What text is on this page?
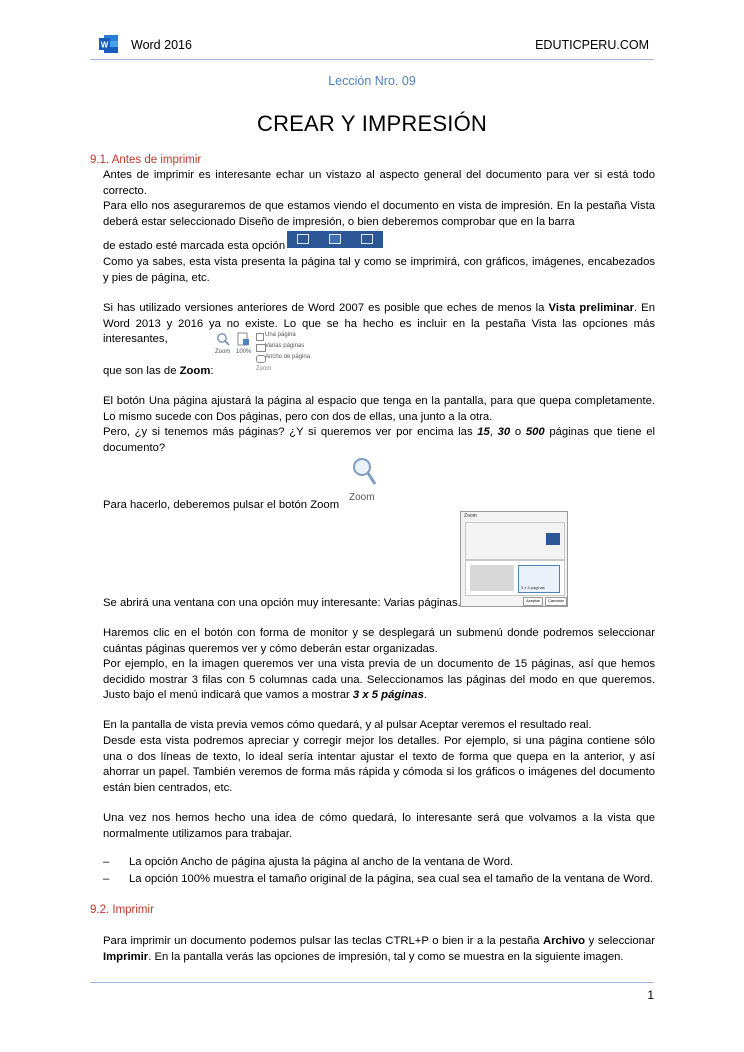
W Word 2016	EDUTICPERU.COM
Lección Nro. 09
CREAR Y IMPRESIÓN
9.1. Antes de imprimir
Antes de imprimir es interesante echar un vistazo al aspecto general del documento para ver si está todo correcto.
Para ello nos aseguraremos de que estamos viendo el documento en vista de impresión. En la pestaña Vista deberá estar seleccionado Diseño de impresión, o bien deberemos comprobar que en la barra
de estado esté marcada esta opción
Como ya sabes, esta vista presenta la página tal y como se imprimirá, con gráficos, imágenes, encabezados y pies de página, etc.
Si has utilizado versiones anteriores de Word 2007 es posible que eches de menos la Vista preliminar. En Word 2013 y 2016 ya no existe. Lo que se ha hecho es incluir en la pestaña Vista las opciones más interesantes,
Zoom 100%
Una página
Varias páginas
Ancho de página
Zoom
que son las de Zoom:
El botón Una página ajustará la página al espacio que tenga en la pantalla, para que quepa completamente. Lo mismo sucede con Dos páginas, pero con dos de ellas, una junto a la otra.
Pero, ¿y si tenemos más páginas? ¿Y si queremos ver por encima las 15, 30 o 500 páginas que tiene el documento?
Zoom
Para hacerlo, deberemos pulsar el botón Zoom
Zoom
3 x 5 páginas
Aceptar	Cancelar
Se abrirá una ventana con una opción muy interesante: Varias páginas.
Haremos clic en el botón con forma de monitor y se desplegará un submenú donde podremos seleccionar cuántas páginas queremos ver y cómo deberán estar organizadas.
Por ejemplo, en la imagen queremos ver una vista previa de un documento de 15 páginas, así que hemos decidido mostrar 3 filas con 5 columnas cada una. Seleccionamos las páginas del modo en que queremos. Justo bajo el menú indicará que vamos a mostrar 3 x 5 páginas.
En la pantalla de vista previa vemos cómo quedará, y al pulsar Aceptar veremos el resultado real.
Desde esta vista podremos apreciar y corregir mejor los detalles. Por ejemplo, si una página contiene sólo una o dos líneas de texto, lo ideal sería intentar ajustar el texto de forma que quepa en la anterior, y así ahorrar un papel. También veremos de forma más rápida y cómoda si los gráficos o imágenes del documento están bien centrados, etc.
Una vez nos hemos hecho una idea de cómo quedará, lo interesante será que volvamos a la vista que normalmente utilizamos para trabajar.
– La opción Ancho de página ajusta la página al ancho de la ventana de Word.
– La opción 100% muestra el tamaño original de la página, sea cual sea el tamaño de la ventana de Word.
9.2. Imprimir
Para imprimir un documento podemos pulsar las teclas CTRL+P o bien ir a la pestaña Archivo y seleccionar Imprimir. En la pantalla verás las opciones de impresión, tal y como se muestra en la siguiente imagen.
1
